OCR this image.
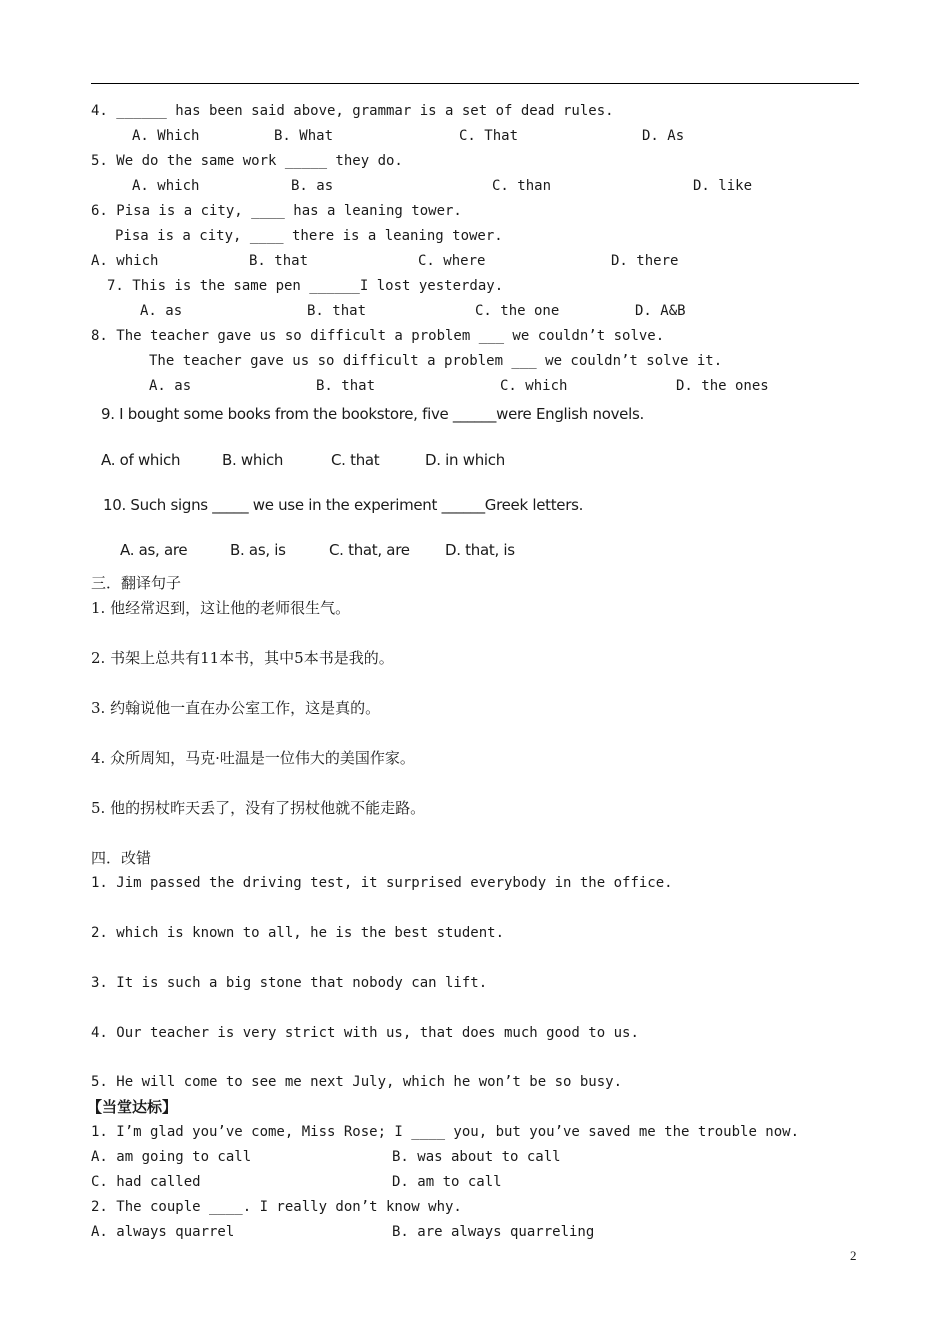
4. ______ has been said above, grammar is a set of dead rules.
A. Which	B. What	C. That	D. As
5. We do the same work _____ they do.
A. which	B. as	C. than	D. like
6. Pisa is a city, ____ has a leaning tower.
Pisa is a city, ____ there is a leaning tower.
A. which	B. that	C. where	D. there
7. This is the same pen ______I lost yesterday.
A. as	B. that	C. the one	D. A&B
8. The teacher gave us so difficult a problem ___ we couldn’t solve.
The teacher gave us so difficult a problem ___ we couldn’t solve it.
A. as	B. that	C. which	D. the ones
9. I bought some books from the bookstore, five ______were English novels.
A. of which	B. which	C. that	D. in which
10. Such signs _____ we use in the experiment ______Greek letters.
A. as, are	B. as, is	C. that, are D. that, is
三．翻译句子
1. 他经常迟到，这让他的老师很生气。
2. 书架上总共有11本书，其中5本书是我的。
3. 约翰说他一直在办公室工作，这是真的。
4. 众所周知，马克·吐温是一位伟大的美国作家。
5. 他的拐杖昨天丢了，没有了拐杖他就不能走路。
四．改错
1. Jim passed the driving test, it surprised everybody in the office.
2. which is known to all, he is the best student.
3. It is such a big stone that nobody can lift.
4. Our teacher is very strict with us, that does much good to us.
5. He will come to see me next July, which he won’t be so busy.
【当堂达标】
1. I’m glad you’ve come, Miss Rose; I ____ you, but you’ve saved me the trouble now.
A. am going to call	B. was about to call
C. had called	D. am to call
2. The couple ____. I really don’t know why.
A. always quarrel	B. are always quarreling
2
